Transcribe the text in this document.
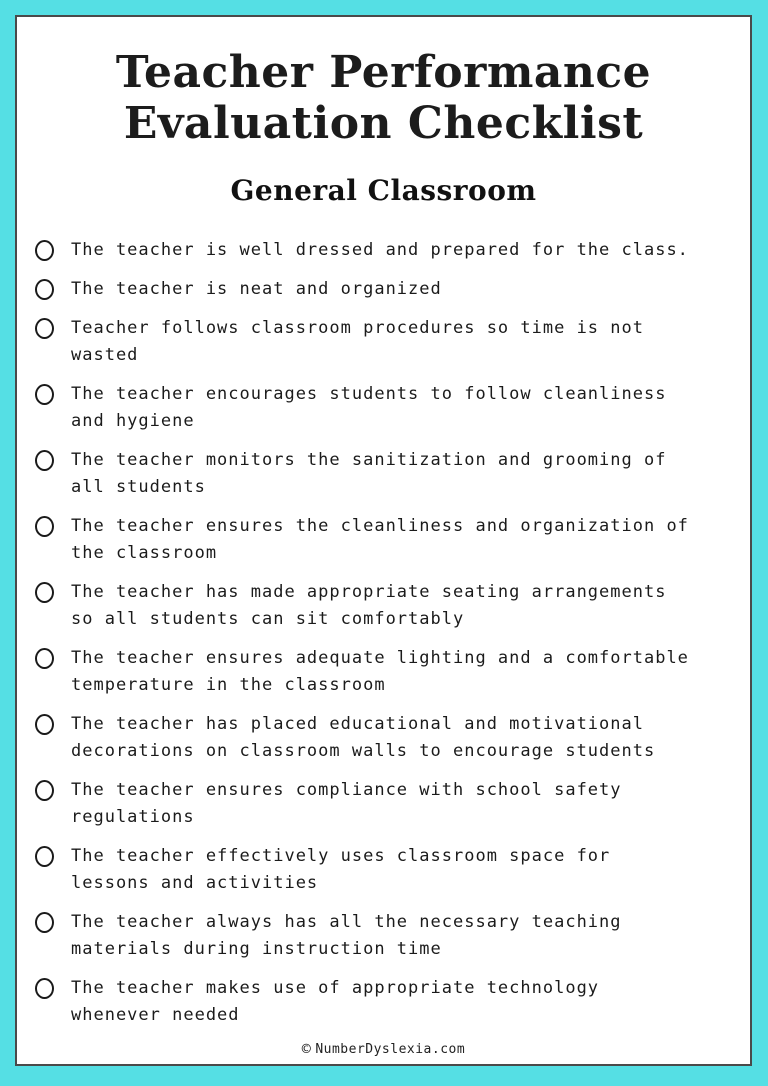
Teacher Performance Evaluation Checklist
General Classroom
The teacher is well dressed and prepared for the class.
The teacher is neat and organized
Teacher follows classroom procedures so time is not wasted
The teacher encourages students to follow cleanliness and hygiene
The teacher monitors the sanitization and grooming of all students
The teacher ensures the cleanliness and organization of the classroom
The teacher has made appropriate seating arrangements so all students can sit comfortably
The teacher ensures adequate lighting and a comfortable temperature in the classroom
The teacher has placed educational and motivational decorations on classroom walls to encourage students
The teacher ensures compliance with school safety regulations
The teacher effectively uses classroom space for lessons and activities
The teacher always has all the necessary teaching materials during instruction time
The teacher makes use of appropriate technology whenever needed
© NumberDyslexia.com
